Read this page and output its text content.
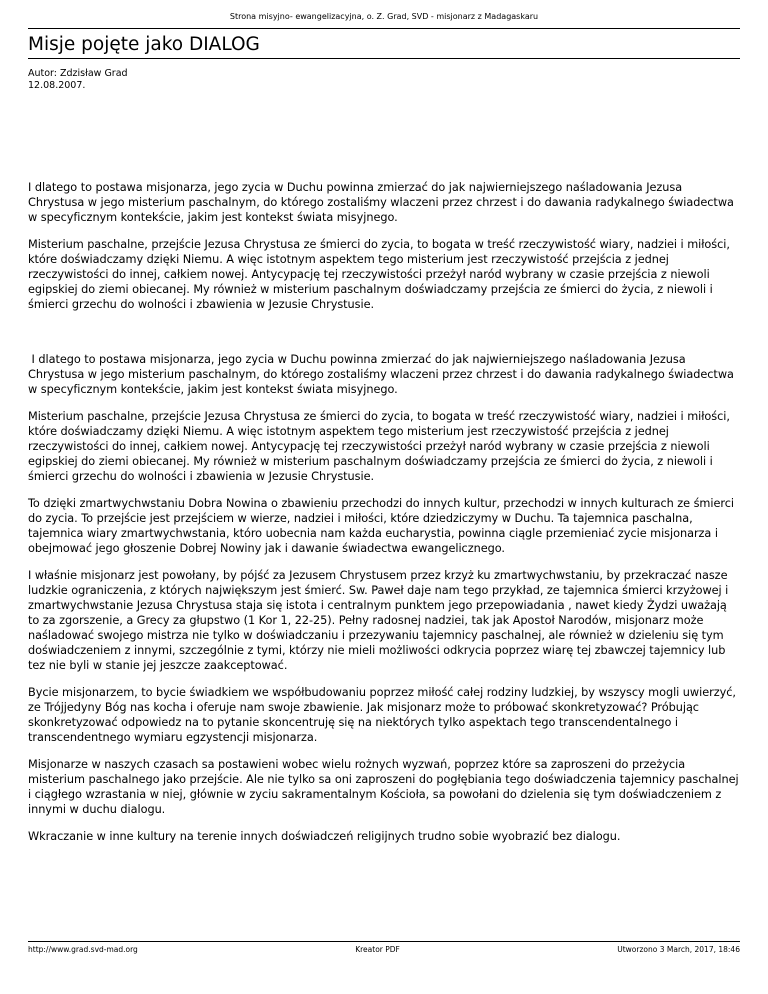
Strona misyjno- ewangelizacyjna, o. Z. Grad, SVD - misjonarz z Madagaskaru
Misje pojęte jako DIALOG
Autor: Zdzisław Grad
12.08.2007.

I dlatego to postawa misjonarza, jego zycia w Duchu powinna zmierzać do jak najwierniejszego naśladowania Jezusa Chrystusa w jego misterium paschalnym, do którego zostaliśmy wlaczeni przez chrzest i do dawania radykalnego świadectwa w specyficznym kontekście, jakim jest kontekst świata misyjnego.

Misterium paschalne, przejście Jezusa Chrystusa ze śmierci do zycia, to bogata w treść rzeczywistość wiary, nadziei i miłości, które doświadczamy dzięki Niemu. A więc istotnym aspektem tego misterium jest rzeczywistość przejścia z jednej rzeczywistości do innej, całkiem nowej. Antycypację tej rzeczywistości przeżył naród wybrany w czasie przejścia z niewoli egipskiej do ziemi obiecanej. My również w misterium paschalnym doświadczamy przejścia ze śmierci do życia, z niewoli i śmierci grzechu do wolności i zbawienia w Jezusie Chrystusie.

I dlatego to postawa misjonarza, jego zycia w Duchu powinna zmierzać do jak najwierniejszego naśladowania Jezusa Chrystusa w jego misterium paschalnym, do którego zostaliśmy wlaczeni przez chrzest i do dawania radykalnego świadectwa w specyficznym kontekście, jakim jest kontekst świata misyjnego.

Misterium paschalne, przejście Jezusa Chrystusa ze śmierci do zycia, to bogata w treść rzeczywistość wiary, nadziei i miłości, które doświadczamy dzięki Niemu. A więc istotnym aspektem tego misterium jest rzeczywistość przejścia z jednej rzeczywistości do innej, całkiem nowej. Antycypację tej rzeczywistości przeżył naród wybrany w czasie przejścia z niewoli egipskiej do ziemi obiecanej. My również w misterium paschalnym doświadczamy przejścia ze śmierci do życia, z niewoli i śmierci grzechu do wolności i zbawienia w Jezusie Chrystusie.

To dzięki zmartwychwstaniu Dobra Nowina o zbawieniu przechodzi do innych kultur, przechodzi w innych kulturach ze śmierci do zycia. To przejście jest przejściem w wierze, nadziei i miłości, które dziedziczymy w Duchu. Ta tajemnica paschalna, tajemnica wiary zmartwychwstania, któro uobecnia nam każda eucharystia, powinna ciągle przemieniać zycie misjonarza i obejmować jego głoszenie Dobrej Nowiny jak i dawanie świadectwa ewangelicznego.

I właśnie misjonarz jest powołany, by pójść za Jezusem Chrystusem przez krzyż ku zmartwychwstaniu, by przekraczać nasze ludzkie ograniczenia, z których największym jest śmierć. Sw. Paweł daje nam tego przykład, ze tajemnica śmierci krzyżowej i zmartwychwstanie Jezusa Chrystusa staja się istota i centralnym punktem jego przepowiadania , nawet kiedy Żydzi uważają to za zgorszenie, a Grecy za głupstwo (1 Kor 1, 22-25). Pełny radosnej nadziei, tak jak Apostoł Narodów, misjonarz może naśladować swojego mistrza nie tylko w doświadczaniu i przezywaniu tajemnicy paschalnej, ale również w dzieleniu się tym doświadczeniem z innymi, szczególnie z tymi, którzy nie mieli możliwości odkrycia poprzez wiarę tej zbawczej tajemnicy lub tez nie byli w stanie jej jeszcze zaakceptować.

Bycie misjonarzem, to bycie świadkiem we współbudowaniu poprzez miłość całej rodziny ludzkiej, by wszyscy mogli uwierzyć, ze Trójjedyny Bóg nas kocha i oferuje nam swoje zbawienie. Jak misjonarz może to próbować skonkretyzować? Próbując skonkretyzować odpowiedz na to pytanie skoncentruję się na niektórych tylko aspektach tego transcendentalnego i transcendentnego wymiaru egzystencji misjonarza.

Misjonarze w naszych czasach sa postawieni wobec wielu rożnych wyzwań, poprzez które sa zaproszeni do przeżycia misterium paschalnego jako przejście. Ale nie tylko sa oni zaproszeni do pogłębiania tego doświadczenia tajemnicy paschalnej i ciągłego wzrastania w niej, głównie w zyciu sakramentalnym Kościoła, sa powołani do dzielenia się tym doświadczeniem z innymi w duchu dialogu.

Wkraczanie w inne kultury na terenie innych doświadczeń religijnych trudno sobie wyobrazić bez dialogu.

http://www.grad.svd-mad.org	Kreator PDF	Utworzono 3 March, 2017, 18:46
